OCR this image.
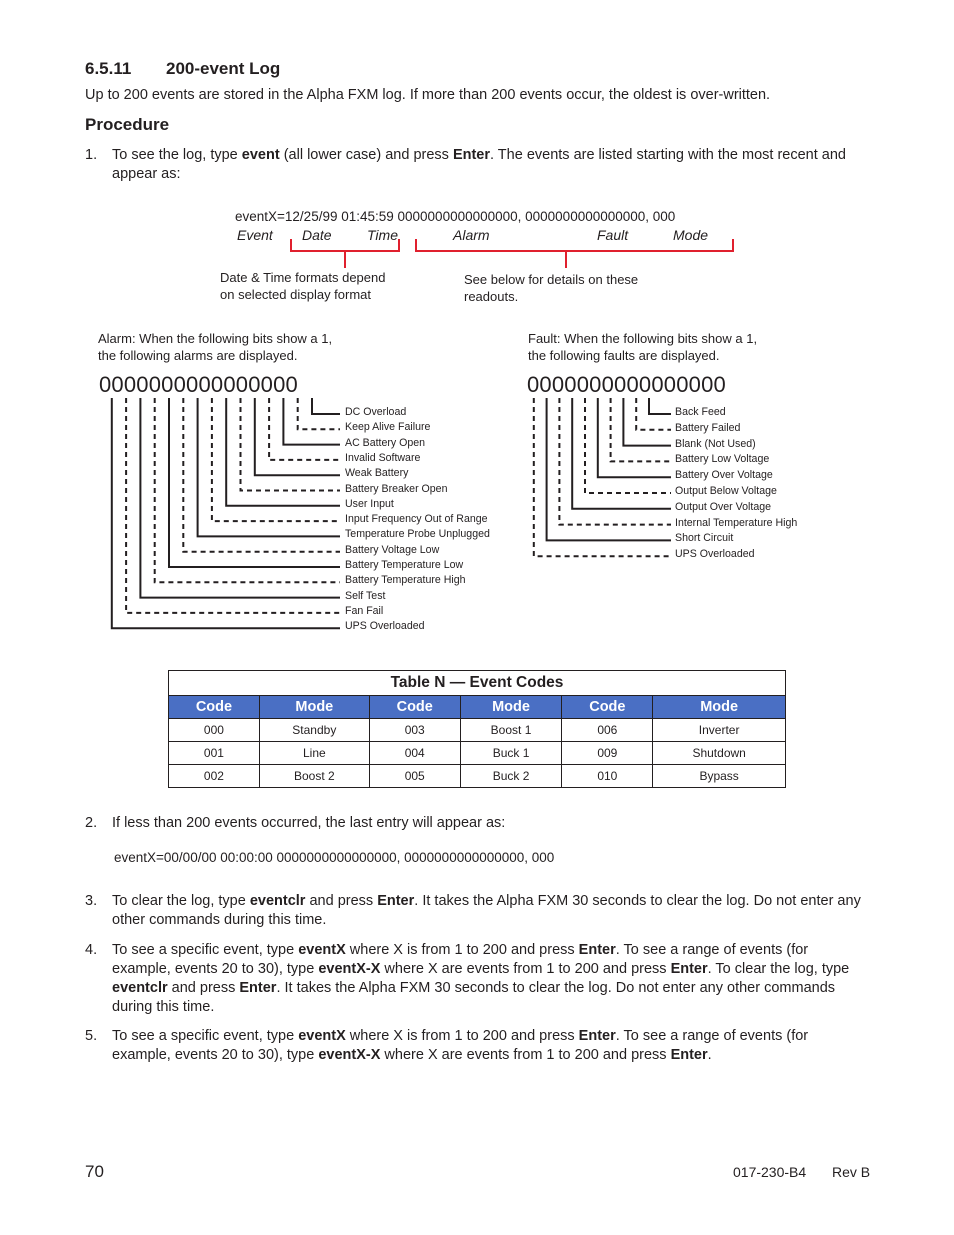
6.5.11 200-event Log
Up to 200 events are stored in the Alpha FXM log. If more than 200 events occur, the oldest is over-written.
Procedure
1. To see the log, type event (all lower case) and press Enter. The events are listed starting with the most recent and appear as:
eventX=12/25/99 01:45:59 0000000000000000, 0000000000000000, 000
Event Date	Time	Alarm	Fault	Mode
Date & Time formats depend
on selected display format
See below for details on these
readouts.
Alarm: When the following bits show a 1,
the following alarms are displayed.
0000000000000000
DC Overload
Keep Alive Failure
AC Battery Open
Invalid Software
Weak Battery
Battery Breaker Open
User Input
Input Frequency Out of Range
Temperature Probe Unplugged
Battery Voltage Low
Battery Temperature Low
Battery Temperature High
Self Test
Fan Fail
UPS Overloaded
Fault: When the following bits show a 1,
the following faults are displayed.
0000000000000000
Back Feed
Battery Failed
Blank (Not Used)
Battery Low Voltage
Battery Over Voltage
Output Below Voltage
Output Over Voltage
Internal Temperature High
Short Circuit
UPS Overloaded
Table N — Event Codes					
Code	Mode	Code	Mode	Code	Mode
000	Standby	003	Boost 1	006	Inverter
001	Line	004	Buck 1	009	Shutdown
002	Boost 2	005	Buck 2	010	Bypass
2. If less than 200 events occurred, the last entry will appear as:
eventX=00/00/00 00:00:00 0000000000000000, 0000000000000000, 000
3. To clear the log, type eventclr and press Enter. It takes the Alpha FXM 30 seconds to clear the log. Do not enter any other commands during this time.
4. To see a specific event, type eventX where X is from 1 to 200 and press Enter. To see a range of events (for example, events 20 to 30), type eventX-X where X are events from 1 to 200 and press Enter. To clear the log, type eventclr and press Enter. It takes the Alpha FXM 30 seconds to clear the log. Do not enter any other commands during this time.
5. To see a specific event, type eventX where X is from 1 to 200 and press Enter. To see a range of events (for example, events 20 to 30), type eventX-X where X are events from 1 to 200 and press Enter.
70	017-230-B4 Rev B
